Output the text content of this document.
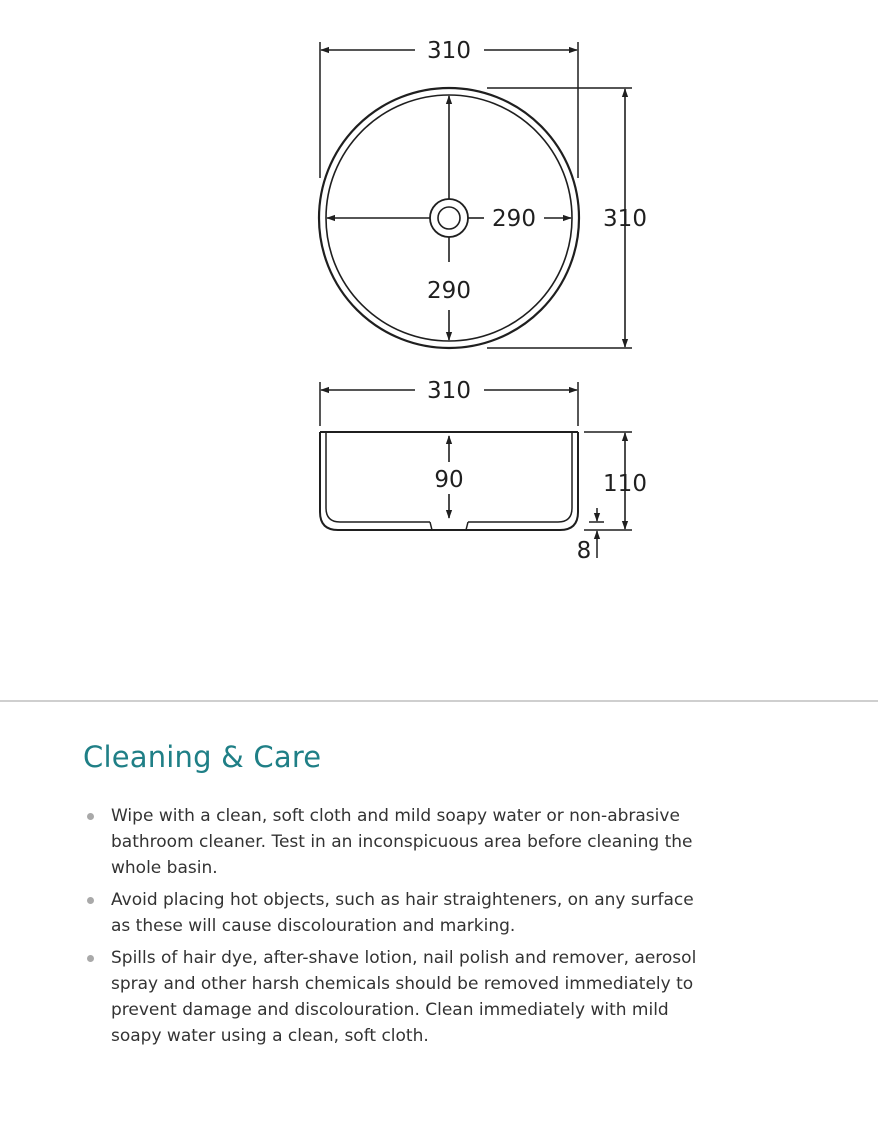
310
290
290
310
310
90	110
8
Cleaning & Care
Wipe with a clean, soft cloth and mild soapy water or non-abrasive bathroom cleaner. Test in an inconspicuous area before cleaning the whole basin.
Avoid placing hot objects, such as hair straighteners, on any surface as these will cause discolouration and marking.
Spills of hair dye, after-shave lotion, nail polish and remover, aerosol spray and other harsh chemicals should be removed immediately to prevent damage and discolouration. Clean immediately with mild soapy water using a clean, soft cloth.
